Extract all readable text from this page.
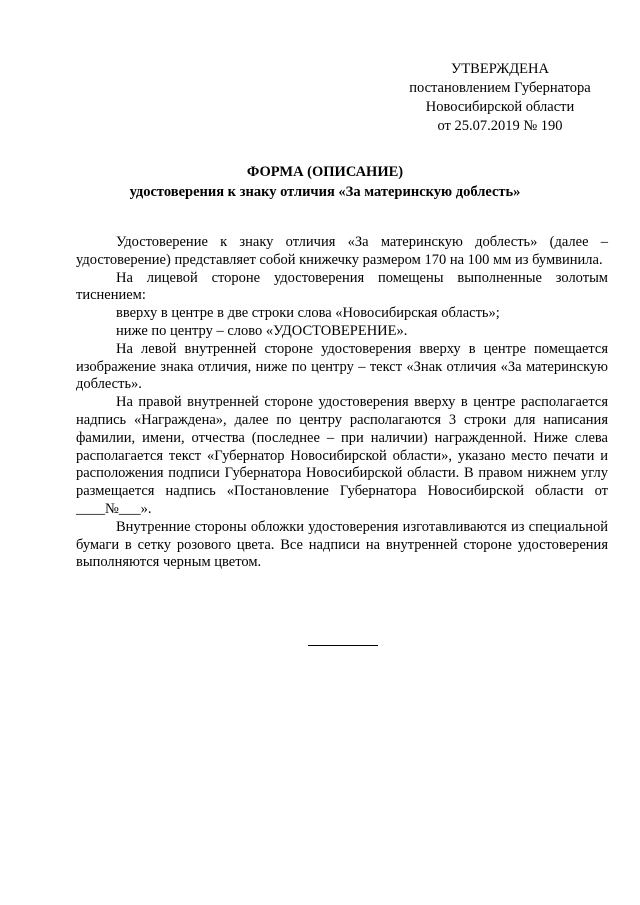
УТВЕРЖДЕНА
постановлением Губернатора
Новосибирской области
от 25.07.2019 № 190
ФОРМА (ОПИСАНИЕ)
удостоверения к знаку отличия «За материнскую доблесть»

Удостоверение к знаку отличия «За материнскую доблесть» (далее – удостоверение) представляет собой книжечку размером 170 на 100 мм из бумвинила.

На лицевой стороне удостоверения помещены выполненные золотым тиснением:

вверху в центре в две строки слова «Новосибирская область»;

ниже по центру – слово «УДОСТОВЕРЕНИЕ».

На левой внутренней стороне удостоверения вверху в центре помещается изображение знака отличия, ниже по центру – текст «Знак отличия «За материнскую доблесть».

На правой внутренней стороне удостоверения вверху в центре располагается надпись «Награждена», далее по центру располагаются 3 строки для написания фамилии, имени, отчества (последнее – при наличии) награжденной. Ниже слева располагается текст «Губернатор Новосибирской области», указано место печати и расположения подписи Губернатора Новосибирской области. В правом нижнем углу размещается надпись «Постановление Губернатора Новосибирской области от ____№___».

Внутренние стороны обложки удостоверения изготавливаются из специальной бумаги в сетку розового цвета. Все надписи на внутренней стороне удостоверения выполняются черным цветом.
